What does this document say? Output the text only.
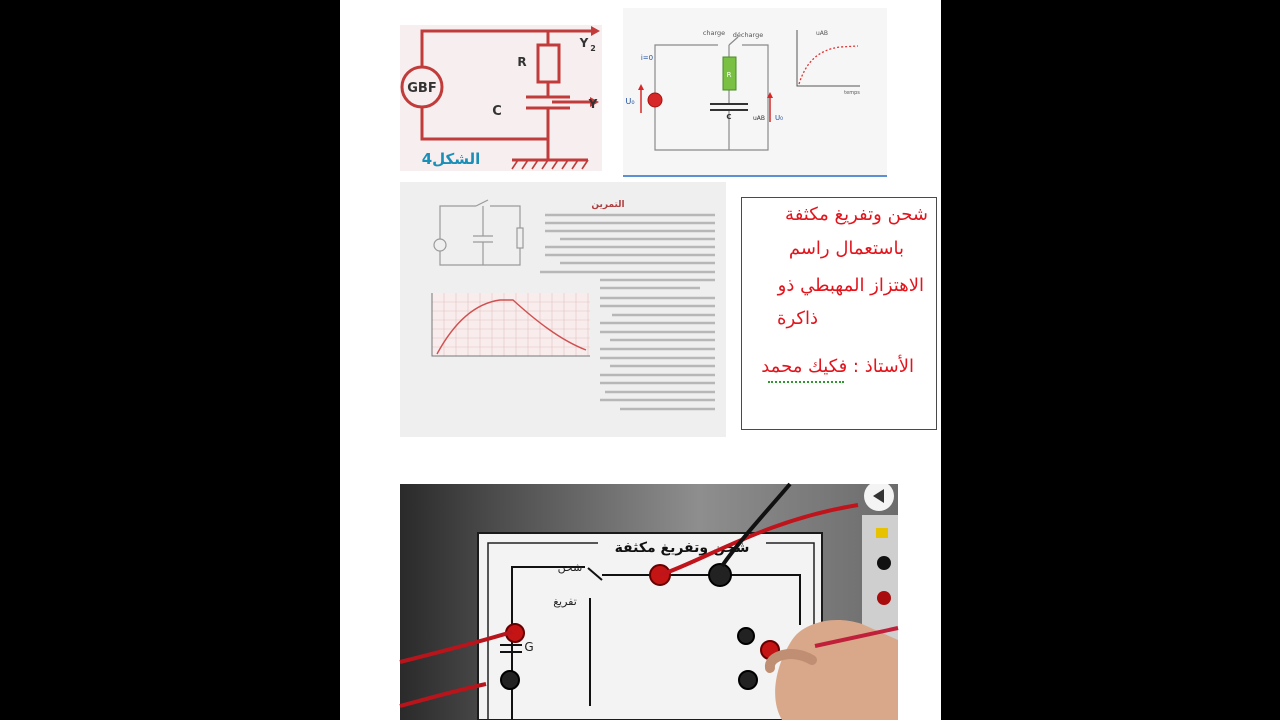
GBF
R
C
Y 2
Y
الشكل4
U₀
i=0
charge décharge
R
C	uAB U₀
uAB
temps
التمرين
شحن وتفريغ مكثفة
شحن
تفريغ
G
شحن وتفريغ مكثفة
باستعمال راسم
الاهتزاز المهبطي ذو
ذاكرة
الأستاذ : فكيك محمد
